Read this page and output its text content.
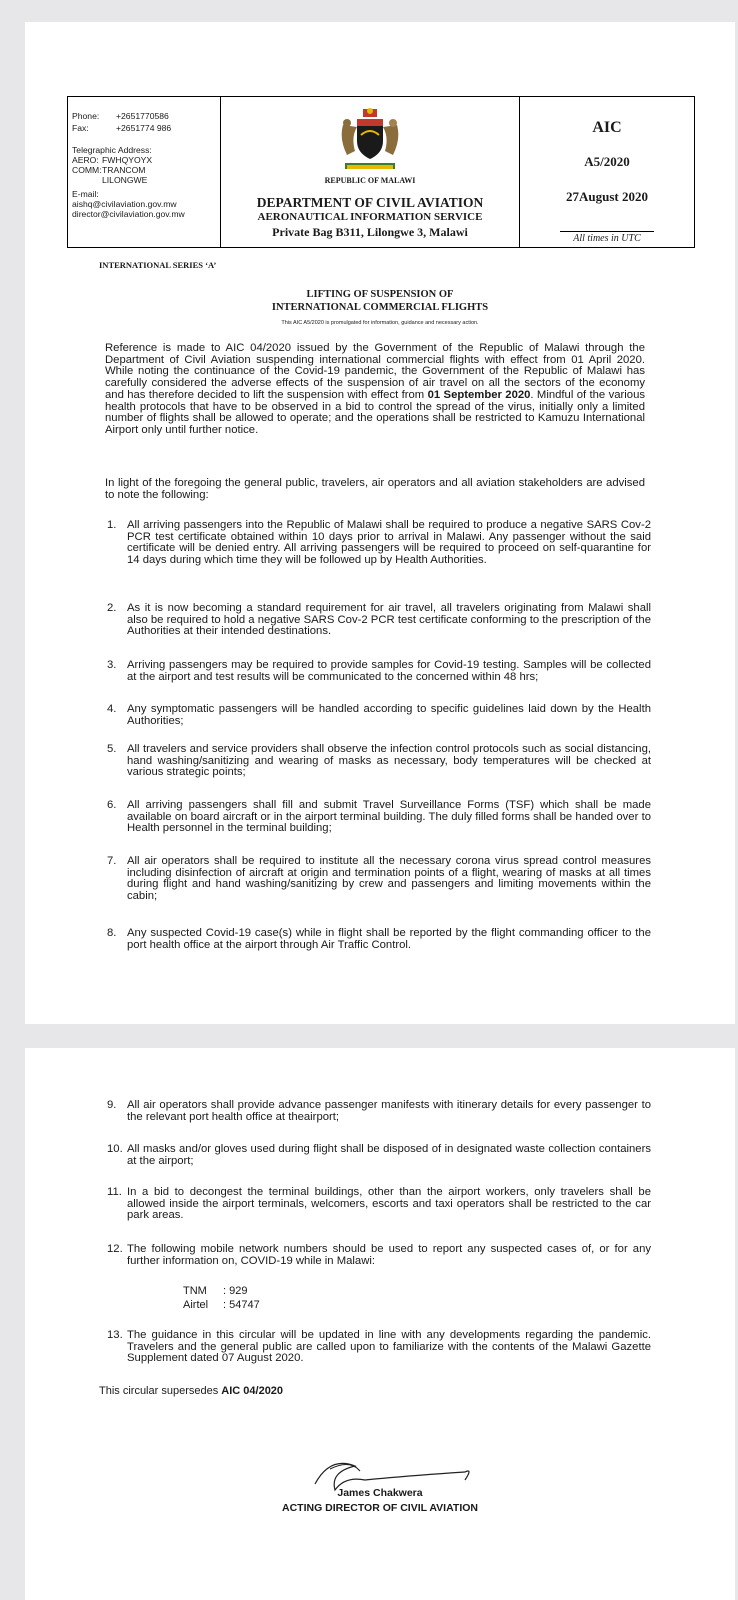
Phone: +2651770586
Fax:	+2651774 986
Telegraphic Address:
AERO: FWHQYOYX
COMM:TRANCOM
LILONGWE
E-mail:
aishq@civilaviation.gov.mw
director@civilaviation.gov.mw
REPUBLIC OF MALAWI
DEPARTMENT OF CIVIL AVIATION
AERONAUTICAL INFORMATION SERVICE
Private Bag B311, Lilongwe 3, Malawi
AIC
A5/2020
27August 2020
All times in UTC
INTERNATIONAL SERIES ‘A’
LIFTING OF SUSPENSION OF
INTERNATIONAL COMMERCIAL FLIGHTS
This AIC A5/2020 is promulgated for information, guidance and necessary action.
Reference is made to AIC 04/2020 issued by the Government of the Republic of Malawi through the Department of Civil Aviation suspending international commercial flights with effect from 01 April 2020. While noting the continuance of the Covid-19 pandemic, the Government of the Republic of Malawi has carefully considered the adverse effects of the suspension of air travel on all the sectors of the economy and has therefore decided to lift the suspension with effect from 01 September 2020. Mindful of the various health protocols that have to be observed in a bid to control the spread of the virus, initially only a limited number of flights shall be allowed to operate; and the operations shall be restricted to Kamuzu International Airport only until further notice.
In light of the foregoing the general public, travelers, air operators and all aviation stakeholders are advised to note the following:
1. All arriving passengers into the Republic of Malawi shall be required to produce a negative SARS Cov-2 PCR test certificate obtained within 10 days prior to arrival in Malawi. Any passenger without the said certificate will be denied entry. All arriving passengers will be required to proceed on self-quarantine for 14 days during which time they will be followed up by Health Authorities.
2. As it is now becoming a standard requirement for air travel, all travelers originating from Malawi shall also be required to hold a negative SARS Cov-2 PCR test certificate conforming to the prescription of the Authorities at their intended destinations.
3. Arriving passengers may be required to provide samples for Covid-19 testing. Samples will be collected at the airport and test results will be communicated to the concerned within 48 hrs;
4. Any symptomatic passengers will be handled according to specific guidelines laid down by the Health Authorities;
5. All travelers and service providers shall observe the infection control protocols such as social distancing, hand washing/sanitizing and wearing of masks as necessary, body temperatures will be checked at various strategic points;
6. All arriving passengers shall fill and submit Travel Surveillance Forms (TSF) which shall be made available on board aircraft or in the airport terminal building. The duly filled forms shall be handed over to Health personnel in the terminal building;
7. All air operators shall be required to institute all the necessary corona virus spread control measures including disinfection of aircraft at origin and termination points of a flight, wearing of masks at all times during flight and hand washing/sanitizing by crew and passengers and limiting movements within the cabin;
8. Any suspected Covid-19 case(s) while in flight shall be reported by the flight commanding officer to the port health office at the airport through Air Traffic Control.
9. All air operators shall provide advance passenger manifests with itinerary details for every passenger to the relevant port health office at theairport;
10. All masks and/or gloves used during flight shall be disposed of in designated waste collection containers at the airport;
11. In a bid to decongest the terminal buildings, other than the airport workers, only travelers shall be allowed inside the airport terminals, welcomers, escorts and taxi operators shall be restricted to the car park areas.
12. The following mobile network numbers should be used to report any suspected cases of, or for any further information on, COVID-19 while in Malawi:
TNM : 929
Airtel : 54747
13. The guidance in this circular will be updated in line with any developments regarding the pandemic. Travelers and the general public are called upon to familiarize with the contents of the Malawi Gazette Supplement dated 07 August 2020.
This circular supersedes AIC 04/2020
James Chakwera
ACTING DIRECTOR OF CIVIL AVIATION
